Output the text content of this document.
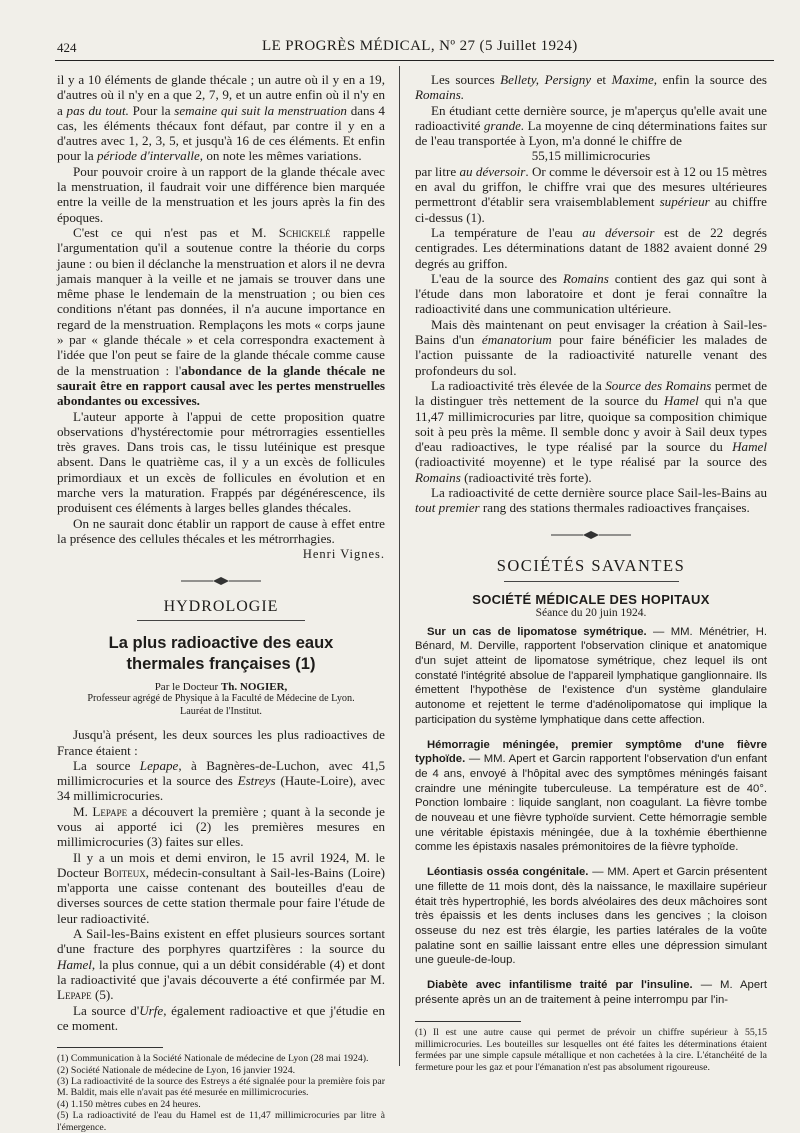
424	LE PROGRÈS MÉDICAL, Nº 27 (5 Juillet 1924)

il y a 10 éléments de glande thécale ; un autre où il y en a 19, d'autres où il n'y en a que 2, 7, 9, et un autre enfin où il n'y en a pas du tout. Pour la semaine qui suit la menstruation dans 4 cas, les éléments thécaux font défaut, par contre il y en a d'autres avec 1, 2, 3, 5, et jusqu'à 16 de ces éléments. Et enfin pour la période d'intervalle, on note les mêmes variations.

Pour pouvoir croire à un rapport de la glande thécale avec la menstruation, il faudrait voir une différence bien marquée entre la veille de la menstruation et les jours après la fin des époques.

C'est ce qui n'est pas et M. Schickelé rappelle l'argumentation qu'il a soutenue contre la théorie du corps jaune : ou bien il déclanche la menstruation et alors il ne devra jamais manquer à la veille et ne jamais se trouver dans une même phase le lendemain de la menstruation ; ou bien ces conditions n'étant pas données, il n'a aucune importance en regard de la menstruation. Remplaçons les mots « corps jaune » par « glande thécale » et cela correspondra exactement à l'idée que l'on peut se faire de la glande thécale comme cause de la menstruation : l'abondance de la glande thécale ne saurait être en rapport causal avec les pertes menstruelles abondantes ou excessives.

L'auteur apporte à l'appui de cette proposition quatre observations d'hystérectomie pour métrorragies essentielles très graves. Dans trois cas, le tissu lutéinique est presque absent. Dans le quatrième cas, il y a un excès de follicules primordiaux et un excès de follicules en évolution et en marche vers la maturation. Frappés par dégénérescence, ils produisent ces éléments à larges belles glandes thécales.

On ne saurait donc établir un rapport de cause à effet entre la présence des cellules thécales et les métrorrhagies.

Henri Vignes.
HYDROLOGIE

La plus radioactive des eaux

thermales françaises (1)

Par le Docteur Th. NOGIER,
Professeur agrégé de Physique à la Faculté de Médecine de Lyon.
Lauréat de l'Institut.

Jusqu'à présent, les deux sources les plus radioactives de France étaient :

La source Lepape, à Bagnères-de-Luchon, avec 41,5 millimicrocuries et la source des Estreys (Haute-Loire), avec 34 millimicrocuries.

M. Lepape a découvert la première ; quant à la seconde je vous ai apporté ici (2) les premières mesures en millimicrocuries (3) faites sur elles.

Il y a un mois et demi environ, le 15 avril 1924, M. le Docteur Boiteux, médecin-consultant à Sail-les-Bains (Loire) m'apporta une caisse contenant des bouteilles d'eau de diverses sources de cette station thermale pour faire l'étude de leur radioactivité.

A Sail-les-Bains existent en effet plusieurs sources sortant d'une fracture des porphyres quartzifères : la source du Hamel, la plus connue, qui a un débit considérable (4) et dont la radioactivité que j'avais découverte a été confirmée par M. Lepape (5).

La source d'Urfe, également radioactive et que j'étudie en ce moment.

(1) Communication à la Société Nationale de médecine de Lyon (28 mai 1924).

(2) Société Nationale de médecine de Lyon, 16 janvier 1924.

(3) La radioactivité de la source des Estreys a été signalée pour la première fois par M. Baldit, mais elle n'avait pas été mesurée en millimicrocuries.

(4) 1.150 mètres cubes en 24 heures.

(5) La radioactivité de l'eau du Hamel est de 11,47 millimicrocuries par litre à l'émergence.

Les sources Bellety, Persigny et Maxime, enfin la source des Romains.

En étudiant cette dernière source, je m'aperçus qu'elle avait une radioactivité grande. La moyenne de cinq déterminations faites sur de l'eau transportée à Lyon, m'a donné le chiffre de

55,15 millimicrocuries

par litre au déversoir. Or comme le déversoir est à 12 ou 15 mètres en aval du griffon, le chiffre vrai que des mesures ultérieures permettront d'établir sera vraisemblablement supérieur au chiffre ci-dessus (1).

La température de l'eau au déversoir est de 22 degrés centigrades. Les déterminations datant de 1882 avaient donné 29 degrés au griffon.

L'eau de la source des Romains contient des gaz qui sont à l'étude dans mon laboratoire et dont je ferai connaître la radioactivité dans une communication ultérieure.

Mais dès maintenant on peut envisager la création à Sail-les-Bains d'un émanatorium pour faire bénéficier les malades de l'action puissante de la radioactivité naturelle venant des profondeurs du sol.

La radioactivité très élevée de la Source des Romains permet de la distinguer très nettement de la source du Hamel qui n'a que 11,47 millimicrocuries par litre, quoique sa composition chimique soit à peu près la même. Il semble donc y avoir à Sail deux types d'eau radioactives, le type réalisé par la source du Hamel (radioactivité moyenne) et le type réalisé par la source des Romains (radioactivité très forte).

La radioactivité de cette dernière source place Sail-les-Bains au tout premier rang des stations thermales radioactives françaises.

SOCIÉTÉS SAVANTES
SOCIÉTÉ MÉDICALE DES HOPITAUX
Séance du 20 juin 1924.

Sur un cas de lipomatose symétrique. — MM. Ménétrier, H. Bénard, M. Derville, rapportent l'observation clinique et anatomique d'un sujet atteint de lipomatose symétrique, chez lequel ils ont constaté l'intégrité absolue de l'appareil lymphatique ganglionnaire. Ils émettent l'hypothèse de l'existence d'un système glandulaire autonome et rejettent le terme d'adénolipomatose qui implique la participation du système lymphatique dans cette affection.

Hémorragie méningée, premier symptôme d'une fièvre typhoïde. — MM. Apert et Garcin rapportent l'observation d'un enfant de 4 ans, envoyé à l'hôpital avec des symptômes méningés faisant craindre une méningite tuberculeuse. La température est de 40°. Ponction lombaire : liquide sanglant, non coagulant. La fièvre tombe de nouveau et une fièvre typhoïde survient. Cette hémorragie semble une véritable épistaxis méningée, due à la toxhémie éberthienne comme les épistaxis nasales prémonitoires de la fièvre typhoïde.

Léontiasis osséa congénitale. — MM. Apert et Garcin présentent une fillette de 11 mois dont, dès la naissance, le maxillaire supérieur était très hypertrophié, les bords alvéolaires des deux mâchoires sont très épaissis et les dents incluses dans les gencives ; la cloison osseuse du nez est très élargie, les parties latérales de la voûte palatine sont en saillie laissant entre elles une dépression simulant une gueule-de-loup.

Diabète avec infantilisme traité par l'insuline. — M. Apert présente après un an de traitement à peine interrompu par l'in-

(1) Il est une autre cause qui permet de prévoir un chiffre supérieur à 55,15 millimicrocuries. Les bouteilles sur lesquelles ont été faites les déterminations étaient fermées par une simple capsule métallique et non cachetées à la cire. L'étanchéité de la fermeture pour les gaz et pour l'émanation n'est pas absolument rigoureuse.
